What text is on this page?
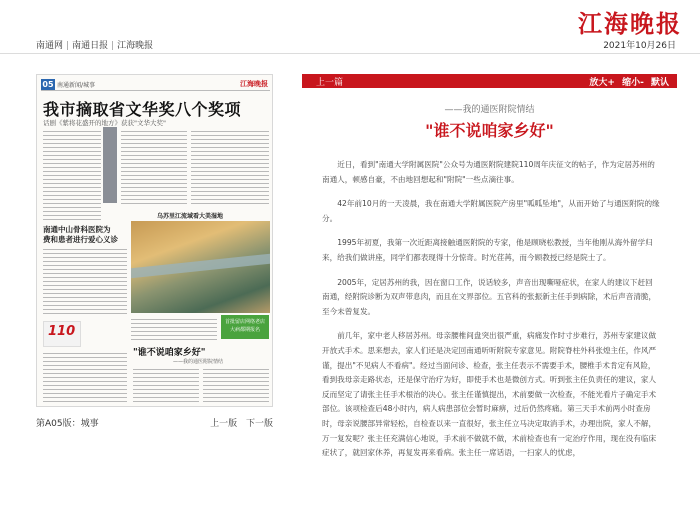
江海晚报
南通网 | 南通日报 | 江海晚报	2021年10月26日
05 南通新闻/城事	江海晚报
我市摘取省文华奖八个奖项
话剧《紫将花盛开的地方》获获"文华大奖"
乌苏里江流域看大美湿地
南通中山骨科医院为
费和患者进行爱心义诊
首批留店网络老店
大病都期报名
110
"谁不说咱家乡好"
——我的通医附院情结
第A05版：城事	上一版 下一版
上一篇	放大+ 缩小- 默认
——我的通医附院情结
"谁不说咱家乡好"

近日，看到"南通大学附属医院"公众号为通医附院建院110周年庆征文的帖子，作为定居苏州的南通人，顿感自豪，不由地回想起和"附院"一些点滴往事。

42年前10月的一天凌晨，我在南通大学附属医院产房里"呱呱坠地"，从而开始了与通医附院的缘分。

1995年初夏，我第一次近距离接触通医附院的专家，他是顾晓松教授，当年他刚从海外留学归来，给我们做讲座，同学们都表现得十分惊奇。时光荏苒，而今顾教授已经是院士了。

2005年，定居苏州的我，因在窗口工作，说话较多，声音出现嘶哑症状，在家人的建议下赶回南通，经附院诊断为双声带息肉，而且在文界部位。五官科的张振新主任手到病除，术后声音清脆，至今未曾复发。

前几年，家中老人移居苏州。母亲腰椎间盘突出很严重，病痛发作时寸步难行，苏州专家建议做开放式手术。思来想去，家人们还是决定回南通听听附院专家意见。附院脊柱外科张煌主任，作风严谨，提出"不见病人不看病"。经过当面问诊、检查，张主任表示不需要手术，腰椎手术肯定有风险，看到我母亲走路状态，还是保守治疗为好，即使手术也是微创方式。听到张主任负责任的建议，家人反而坚定了请张主任手术根治的决心。张主任谨慎提出，术前要做一次检查，不能光看片子确定手术部位。该项检查后48小时内，病人病患部位会暂时麻痹，过后仍然疼痛。第三天手术前两小时查房时，母亲说腰部异常轻松，自检查以来一直很好，张主任立马决定取消手术，办理出院，家人不解，万一复发呢？张主任充满信心地说，手术前不做就不做，术前检查也有一定治疗作用，现在没有临床症状了，就回家休养，再复发再来看病。张主任一席话语，一扫家人的忧虑，
